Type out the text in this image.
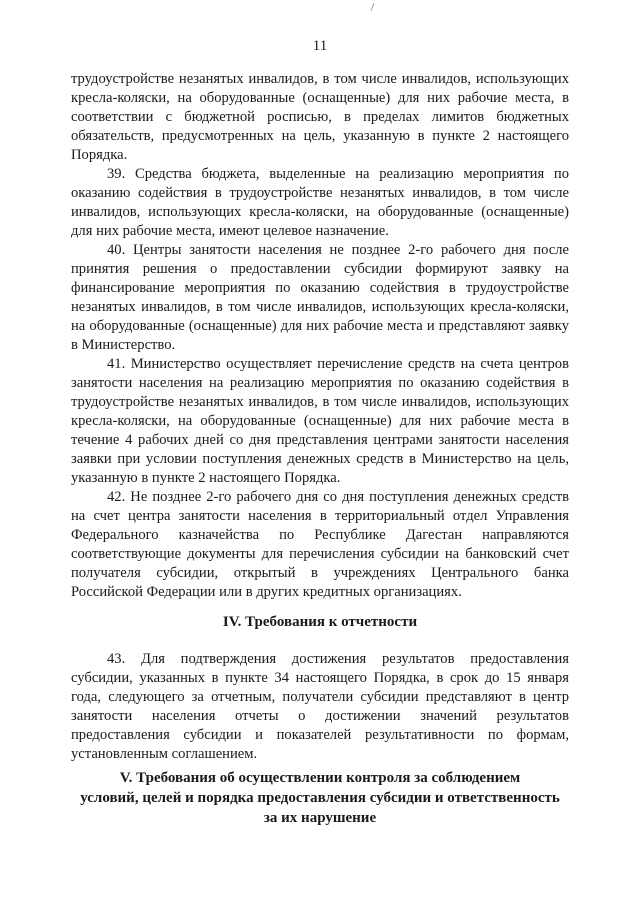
11

трудоустройстве незанятых инвалидов, в том числе инвалидов, использующих кресла-коляски, на оборудованные (оснащенные) для них рабочие места, в соответствии с бюджетной росписью, в пределах лимитов бюджетных обязательств, предусмотренных на цель, указанную в пункте 2 настоящего Порядка.

39. Средства бюджета, выделенные на реализацию мероприятия по оказанию содействия в трудоустройстве незанятых инвалидов, в том числе инвалидов, использующих кресла-коляски, на оборудованные (оснащенные) для них рабочие места, имеют целевое назначение.

40. Центры занятости населения не позднее 2-го рабочего дня после принятия решения о предоставлении субсидии формируют заявку на финансирование мероприятия по оказанию содействия в трудоустройстве незанятых инвалидов, в том числе инвалидов, использующих кресла-коляски, на оборудованные (оснащенные) для них рабочие места и представляют заявку в Министерство.

41. Министерство осуществляет перечисление средств на счета центров занятости населения на реализацию мероприятия по оказанию содействия в трудоустройстве незанятых инвалидов, в том числе инвалидов, использующих кресла-коляски, на оборудованные (оснащенные) для них рабочие места в течение 4 рабочих дней со дня представления центрами занятости населения заявки при условии поступления денежных средств в Министерство на цель, указанную в пункте 2 настоящего Порядка.

42. Не позднее 2-го рабочего дня со дня поступления денежных средств на счет центра занятости населения в территориальный отдел Управления Федерального казначейства по Республике Дагестан направляются соответствующие документы для перечисления субсидии на банковский счет получателя субсидии, открытый в учреждениях Центрального банка Российской Федерации или в других кредитных организациях.

IV. Требования к отчетности

43. Для подтверждения достижения результатов предоставления субсидии, указанных в пункте 34 настоящего Порядка, в срок до 15 января года, следующего за отчетным, получатели субсидии представляют в центр занятости населения отчеты о достижении значений результатов предоставления субсидии и показателей результативности по формам, установленным соглашением.

V. Требования об осуществлении контроля за соблюдением
условий, целей и порядка предоставления субсидии и ответственность
за их нарушение
